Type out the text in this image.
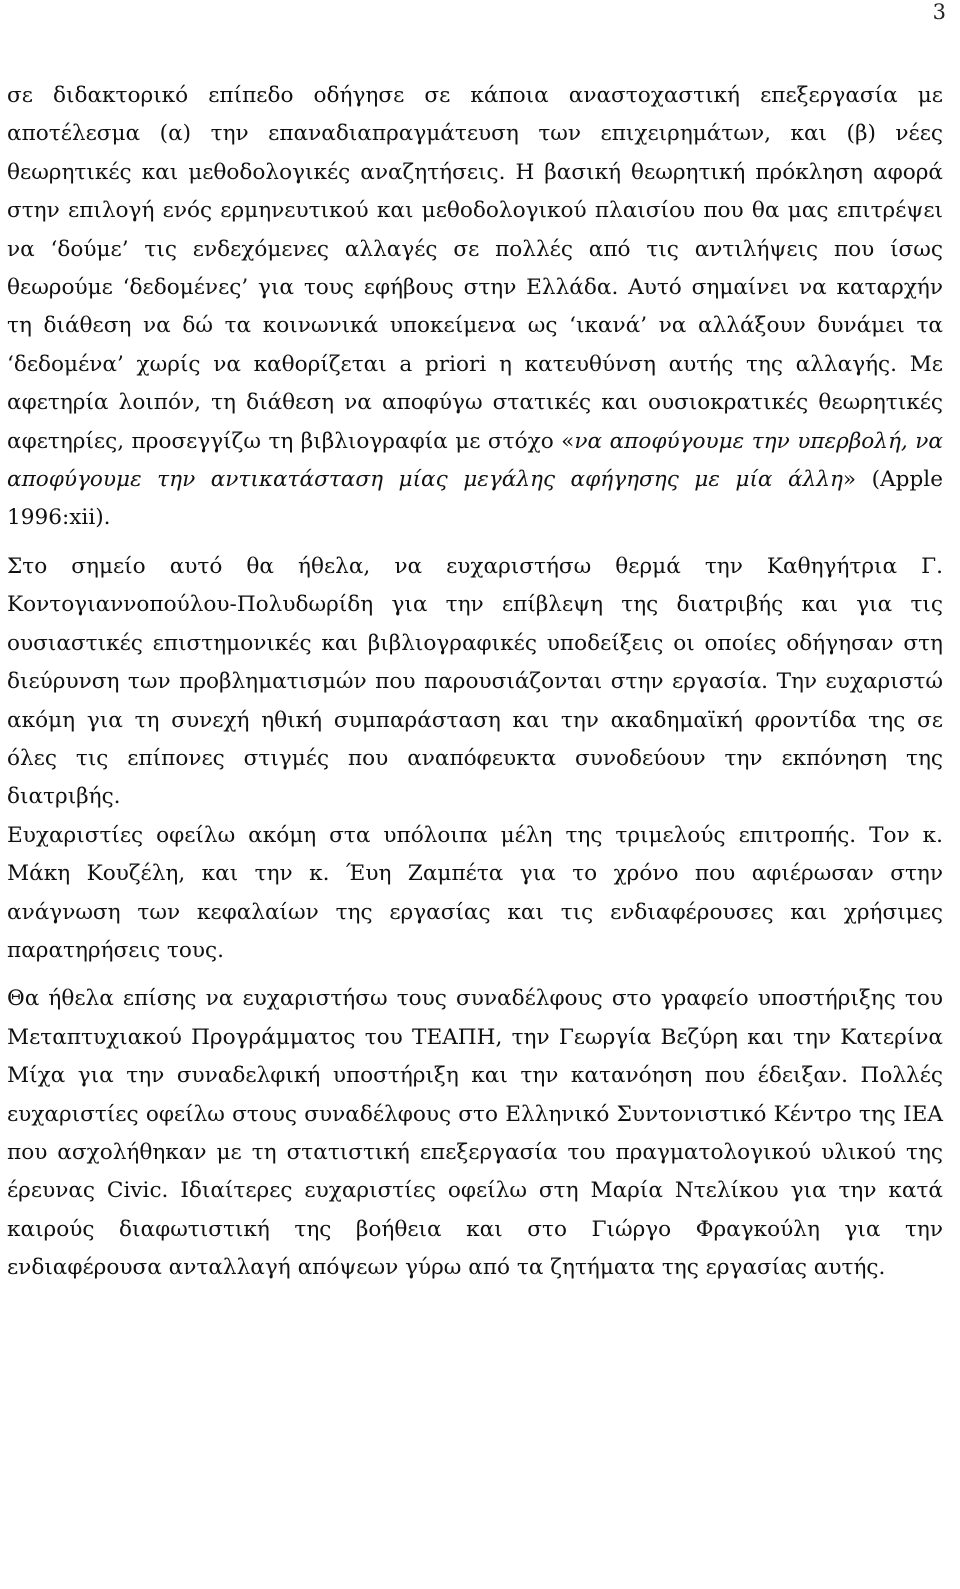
3

σε διδακτορικό επίπεδο οδήγησε σε κάποια αναστοχαστική επεξεργασία με αποτέλεσμα (α) την επαναδιαπραγμάτευση των επιχειρημάτων, και (β) νέες θεωρητικές και μεθοδολογικές αναζητήσεις. Η βασική θεωρητική πρόκληση αφορά στην επιλογή ενός ερμηνευτικού και μεθοδολογικού πλαισίου που θα μας επιτρέψει να ‘δούμε’ τις ενδεχόμενες αλλαγές σε πολλές από τις αντιλήψεις που ίσως θεωρούμε ‘δεδομένες’ για τους εφήβους στην Ελλάδα. Αυτό σημαίνει να καταρχήν τη διάθεση να δώ τα κοινωνικά υποκείμενα ως ‘ικανά’ να αλλάξουν δυνάμει τα ‘δεδομένα’ χωρίς να καθορίζεται a priori η κατευθύνση αυτής της αλλαγής. Με αφετηρία λοιπόν, τη διάθεση να αποφύγω στατικές και ουσιοκρατικές θεωρητικές αφετηρίες, προσεγγίζω τη βιβλιογραφία με στόχο «να αποφύγουμε την υπερβολή, να αποφύγουμε την αντικατάσταση μίας μεγάλης αφήγησης με μία άλλη» (Apple 1996:xii).

Στο σημείο αυτό θα ήθελα, να ευχαριστήσω θερμά την Καθηγήτρια Γ. Κοντογιαννοπούλου-Πολυδωρίδη για την επίβλεψη της διατριβής και για τις ουσιαστικές επιστημονικές και βιβλιογραφικές υποδείξεις οι οποίες οδήγησαν στη διεύρυνση των προβληματισμών που παρουσιάζονται στην εργασία. Την ευχαριστώ ακόμη για τη συνεχή ηθική συμπαράσταση και την ακαδημαϊκή φροντίδα της σε όλες τις επίπονες στιγμές που αναπόφευκτα συνοδεύουν την εκπόνηση της διατριβής.

Ευχαριστίες οφείλω ακόμη στα υπόλοιπα μέλη της τριμελούς επιτροπής. Τον κ. Μάκη Κουζέλη, και την κ. Έυη Ζαμπέτα για το χρόνο που αφιέρωσαν στην ανάγνωση των κεφαλαίων της εργασίας και τις ενδιαφέρουσες και χρήσιμες παρατηρήσεις τους.

Θα ήθελα επίσης να ευχαριστήσω τους συναδέλφους στο γραφείο υποστήριξης του Μεταπτυχιακού Προγράμματος του ΤΕΑΠΗ, την Γεωργία Βεζύρη και την Κατερίνα Μίχα για την συναδελφική υποστήριξη και την κατανόηση που έδειξαν. Πολλές ευχαριστίες οφείλω στους συναδέλφους στο Ελληνικό Συντονιστικό Κέντρο της IEA που ασχολήθηκαν με τη στατιστική επεξεργασία του πραγματολογικού υλικού της έρευνας Civic. Ιδιαίτερες ευχαριστίες οφείλω στη Μαρία Ντελίκου για την κατά καιρούς διαφωτιστική της βοήθεια και στο Γιώργο Φραγκούλη για την ενδιαφέρουσα ανταλλαγή απόψεων γύρω από τα ζητήματα της εργασίας αυτής.
